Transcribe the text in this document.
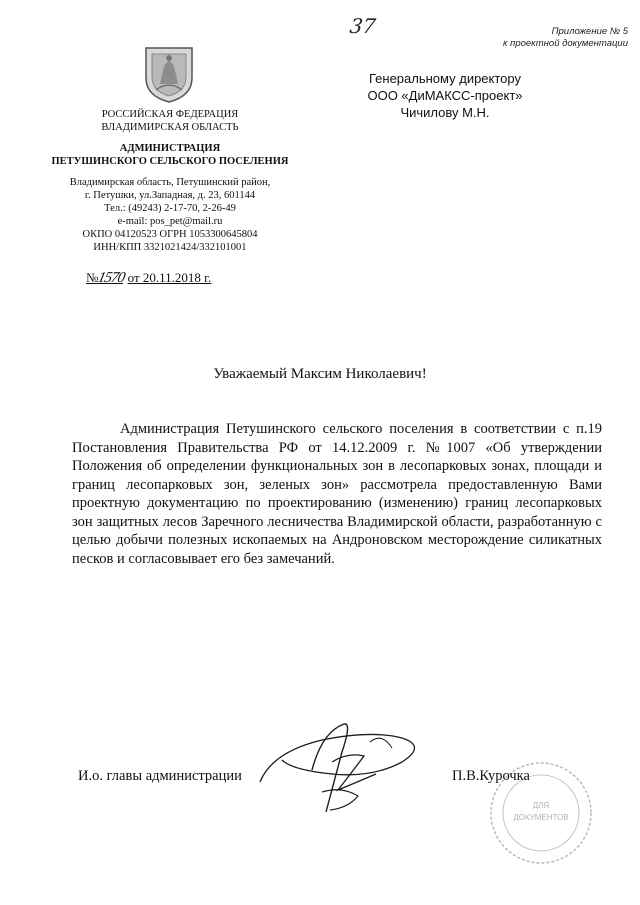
37	Приложение № 5
к проектной документации
Генеральному директору
ООО «ДиМАКСС-проект»
Чичилову М.Н.
РОССИЙСКАЯ ФЕДЕРАЦИЯ
ВЛАДИМИРСКАЯ ОБЛАСТЬ
АДМИНИСТРАЦИЯ
ПЕТУШИНСКОГО СЕЛЬСКОГО ПОСЕЛЕНИЯ
Владимирская область, Петушинский район,
г. Петушки, ул.Западная, д. 23, 601144
Тел.: (49243) 2-17-70, 2-26-49
e-mail: pos_pet@mail.ru
ОКПО 04120523 ОГРН 1053300645804
ИНН/КПП 3321021424/332101001
№1570 от 20.11.2018 г.
Уважаемый Максим Николаевич!
Администрация Петушинского сельского поселения в соответствии с п.19 Постановления Правительства РФ от 14.12.2009 г. №1007 «Об утверждении Положения об определении функциональных зон в лесопарковых зонах, площади и границ лесопарковых зон, зеленых зон» рассмотрела предоставленную Вами проектную документацию по проектированию (изменению) границ лесопарковых зон защитных лесов Заречного лесничества Владимирской области, разработанную с целью добычи полезных ископаемых на Андроновском месторождение силикатных песков и согласовывает его без замечаний.
И.о. главы администрации	П.В.Курочка
ДЛЯ
ДОКУМЕНТОВ
